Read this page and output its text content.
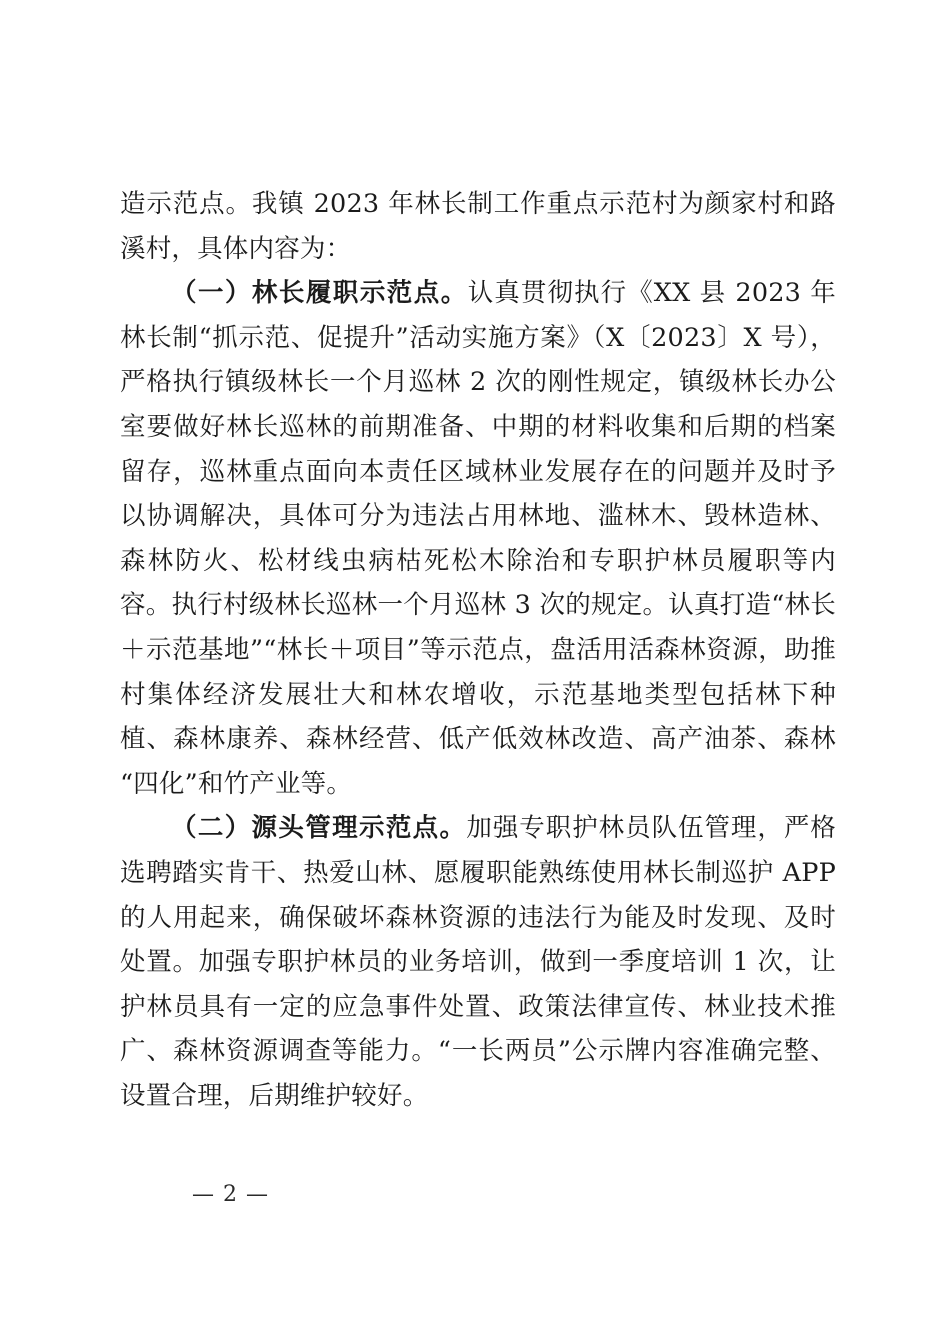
造示范点。我镇 2023 年林长制工作重点示范村为颜家村和路溪村，具体内容为：

（一）林长履职示范点。认真贯彻执行《XX 县 2023 年林长制“抓示范、促提升”活动实施方案》（X〔2023〕X 号），严格执行镇级林长一个月巡林 2 次的刚性规定，镇级林长办公室要做好林长巡林的前期准备、中期的材料收集和后期的档案留存，巡林重点面向本责任区域林业发展存在的问题并及时予以协调解决，具体可分为违法占用林地、滥林木、毁林造林、森林防火、松材线虫病枯死松木除治和专职护林员履职等内容。执行村级林长巡林一个月巡林 3 次的规定。认真打造“林长＋示范基地”“林长＋项目”等示范点，盘活用活森林资源，助推村集体经济发展壮大和林农增收，示范基地类型包括林下种植、森林康养、森林经营、低产低效林改造、高产油茶、森林“四化”和竹产业等。

（二）源头管理示范点。加强专职护林员队伍管理，严格选聘踏实肯干、热爱山林、愿履职能熟练使用林长制巡护 APP 的人用起来，确保破坏森林资源的违法行为能及时发现、及时处置。加强专职护林员的业务培训，做到一季度培训 1 次，让护林员具有一定的应急事件处置、政策法律宣传、林业技术推广、森林资源调查等能力。“一长两员”公示牌内容准确完整、设置合理，后期维护较好。

— 2 —
